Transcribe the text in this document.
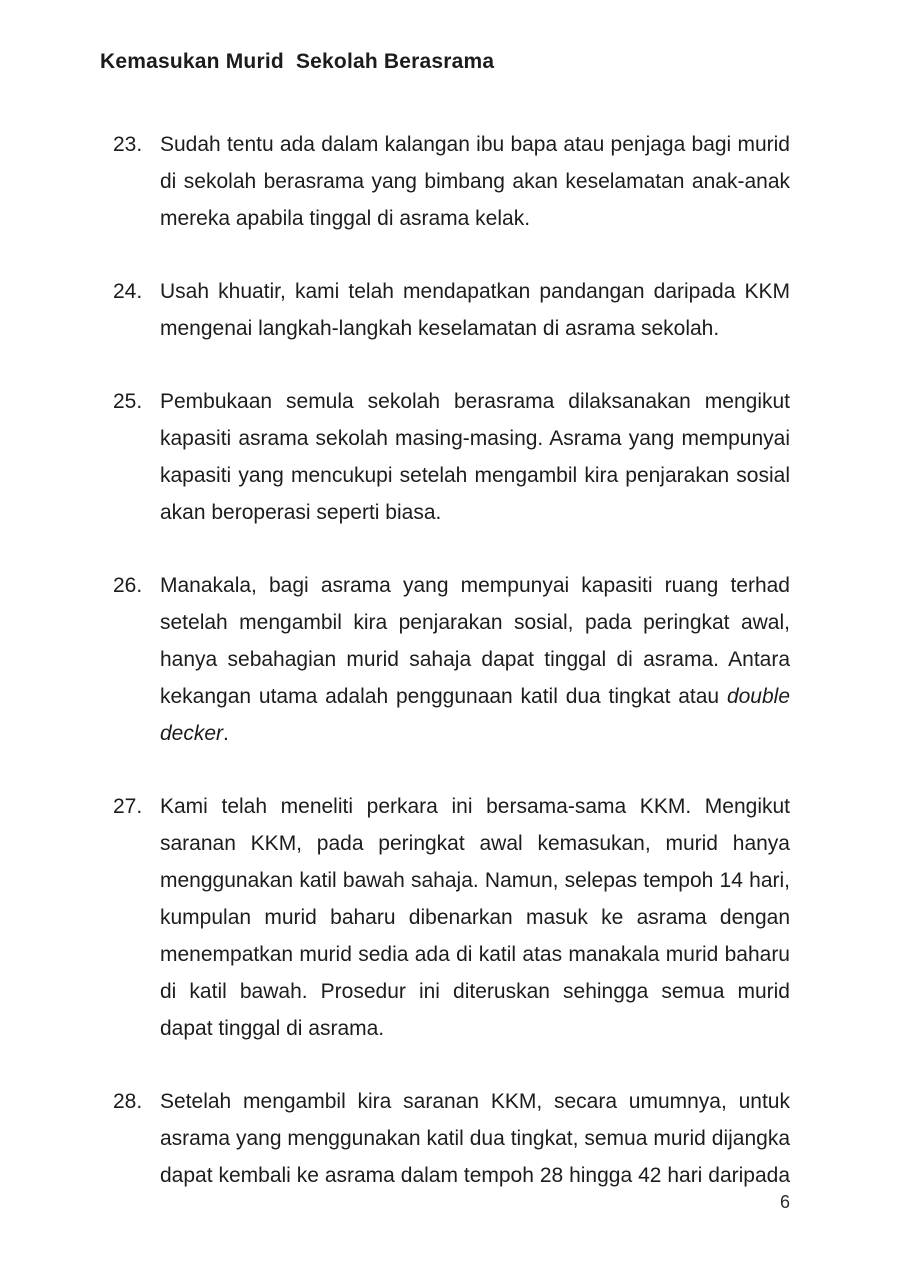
Kemasukan Murid  Sekolah Berasrama
23. Sudah tentu ada dalam kalangan ibu bapa atau penjaga bagi murid di sekolah berasrama yang bimbang akan keselamatan anak-anak mereka apabila tinggal di asrama kelak.
24. Usah khuatir, kami telah mendapatkan pandangan daripada KKM mengenai langkah-langkah keselamatan di asrama sekolah.
25. Pembukaan semula sekolah berasrama dilaksanakan mengikut kapasiti asrama sekolah masing-masing. Asrama yang mempunyai kapasiti yang mencukupi setelah mengambil kira penjarakan sosial akan beroperasi seperti biasa.
26. Manakala, bagi asrama yang mempunyai kapasiti ruang terhad setelah mengambil kira penjarakan sosial, pada peringkat awal, hanya sebahagian murid sahaja dapat tinggal di asrama. Antara kekangan utama adalah penggunaan katil dua tingkat atau double decker.
27. Kami telah meneliti perkara ini bersama-sama KKM. Mengikut saranan KKM, pada peringkat awal kemasukan, murid hanya menggunakan katil bawah sahaja. Namun, selepas tempoh 14 hari, kumpulan murid baharu dibenarkan masuk ke asrama dengan menempatkan murid sedia ada di katil atas manakala murid baharu di katil bawah. Prosedur ini diteruskan sehingga semua murid dapat tinggal di asrama.
28. Setelah mengambil kira saranan KKM, secara umumnya, untuk asrama yang menggunakan katil dua tingkat, semua murid dijangka dapat kembali ke asrama dalam tempoh 28 hingga 42 hari daripada
6
